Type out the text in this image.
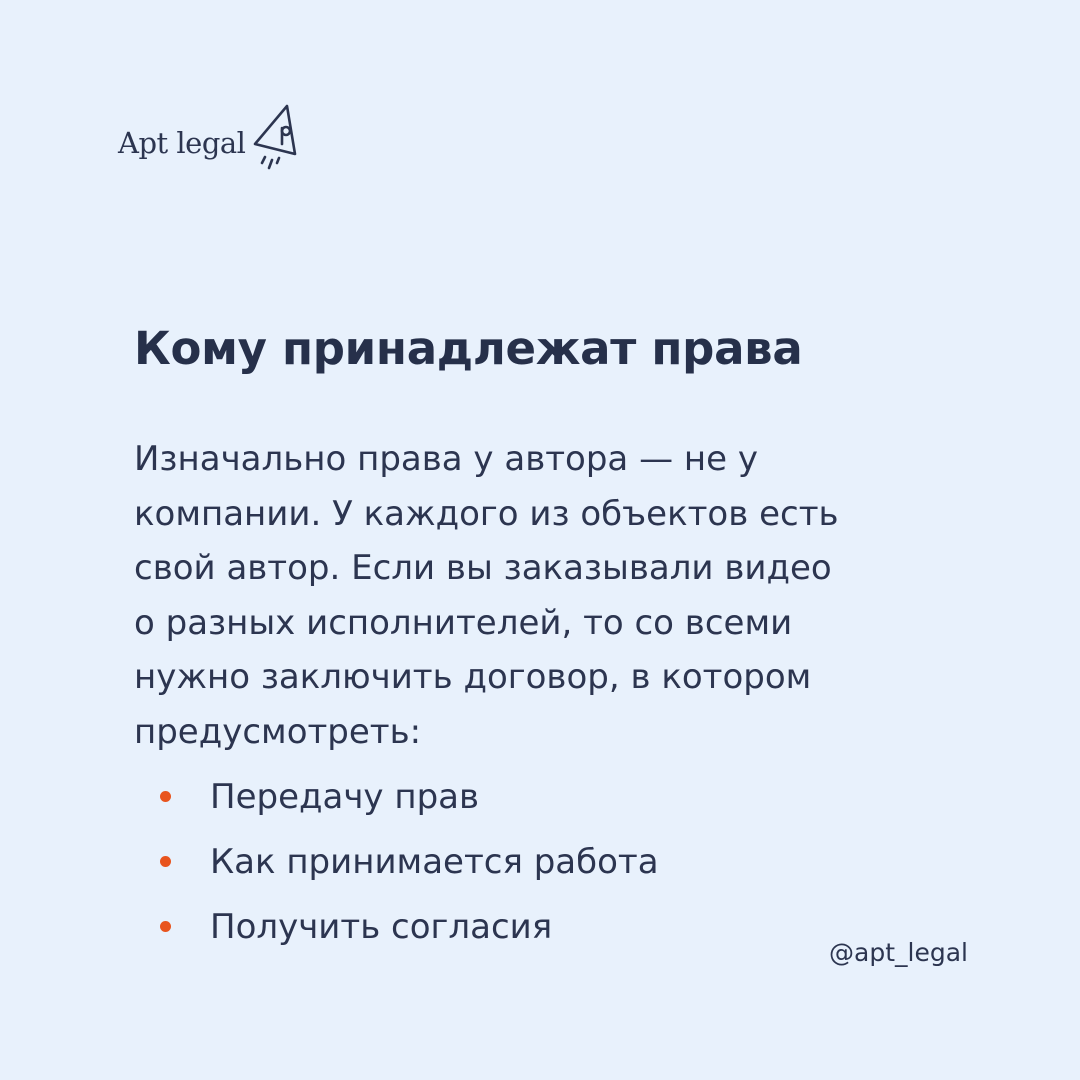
Apt legal
Кому принадлежат права

Изначально права у автора — не у
компании. У каждого из объектов есть
свой автор. Если вы заказывали видео
о разных исполнителей, то со всеми
нужно заключить договор, в котором
предусмотреть:

Передачу прав
Как принимается работа
Получить согласия
@apt_legal
